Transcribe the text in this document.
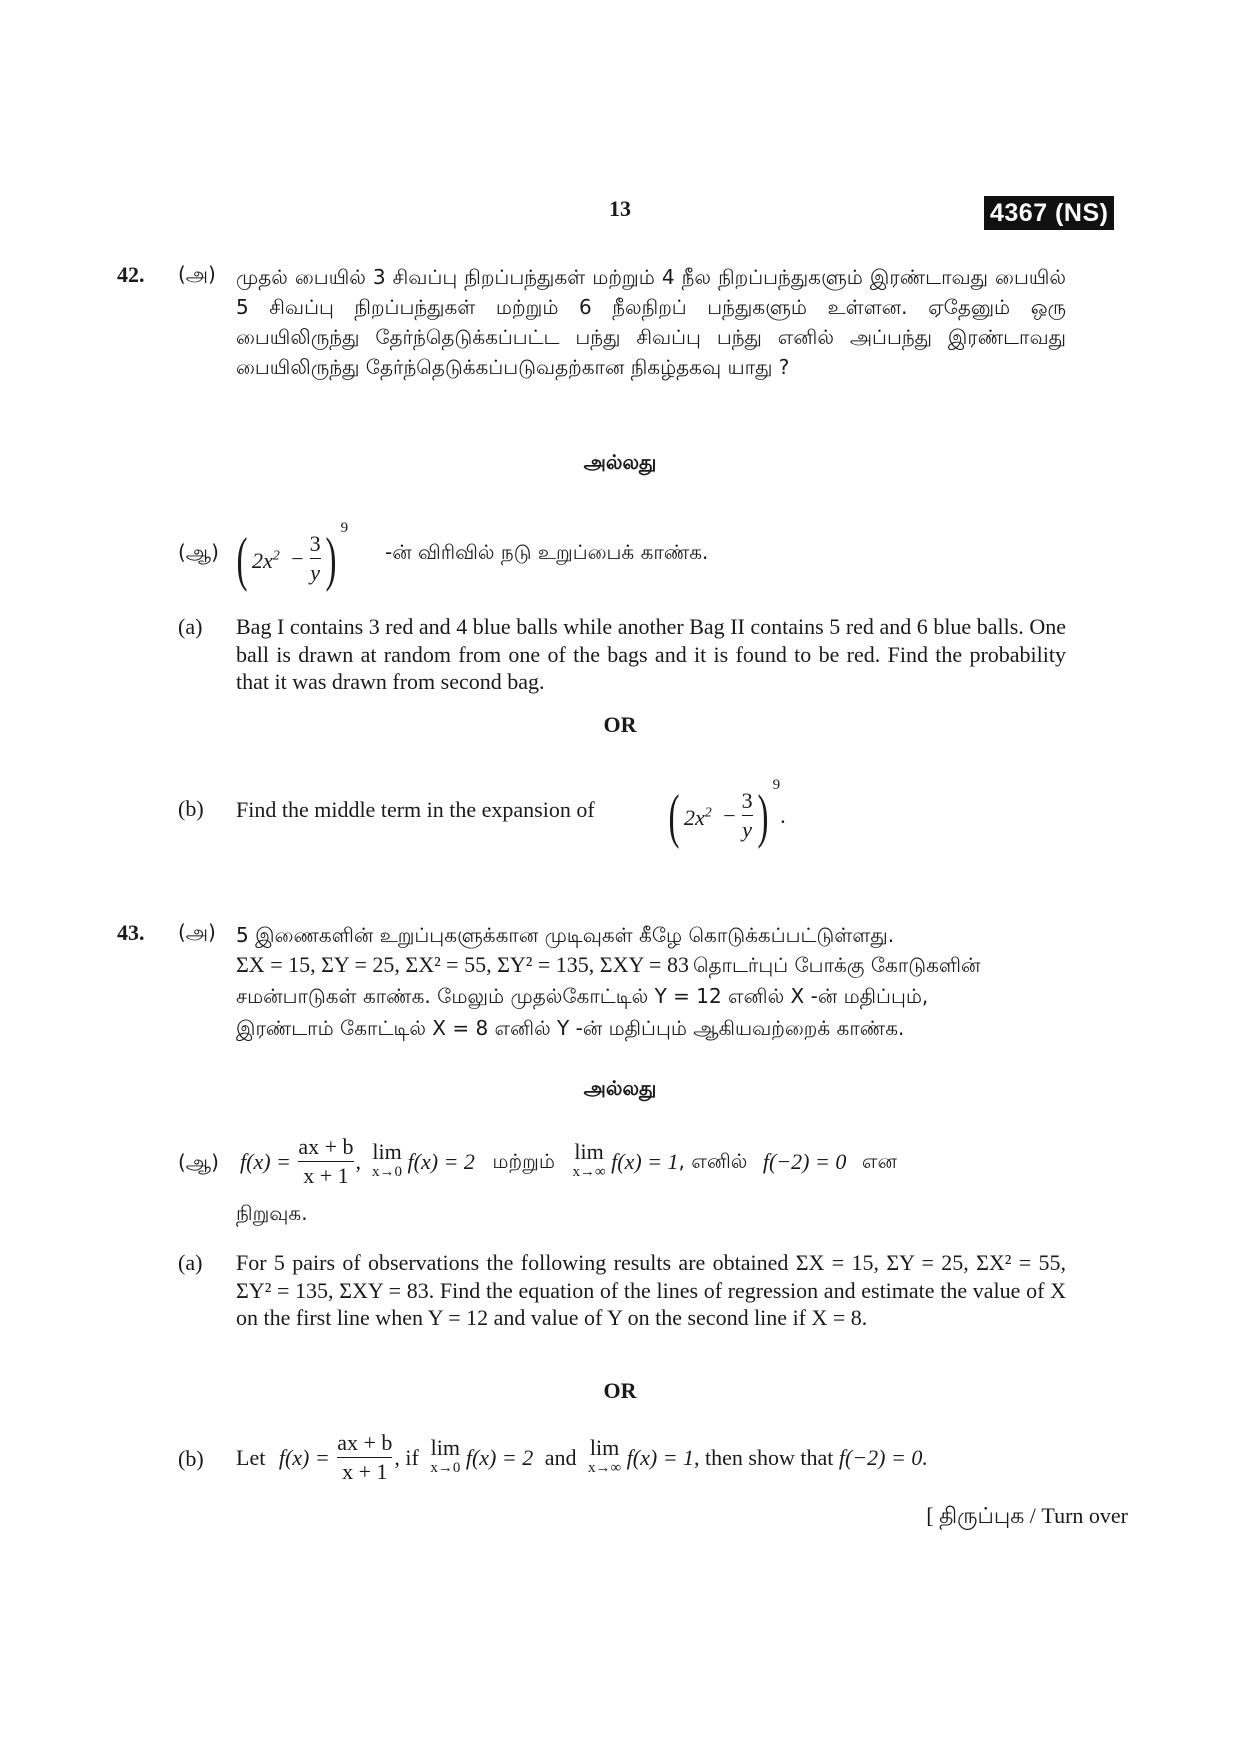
13	4367 (NS)
42. (அ) முதல் பையில் 3 சிவப்பு நிறப்பந்துகள் மற்றும் 4 நீல நிறப்பந்துகளும் இரண்டாவது பையில் 5 சிவப்பு நிறப்பந்துகள் மற்றும் 6 நீலநிறப் பந்துகளும் உள்ளன. ஏதேனும் ஒரு பையிலிருந்து தேர்ந்தெடுக்கப்பட்ட பந்து சிவப்பு பந்து எனில் அப்பந்து இரண்டாவது பையிலிருந்து தேர்ந்தெடுக்கப்படுவதற்கான நிகழ்தகவு யாது ?
அல்லது
(ஆ) ( $2x^2 - \frac{3}{y}$ ) $^9$
-ன் விரிவில் நடு உறுப்பைக் காண்க.
(a) Bag I contains 3 red and 4 blue balls while another Bag II contains 5 red and 6 blue balls. One ball is drawn at random from one of the bags and it is found to be red. Find the probability that it was drawn from second bag.
OR
(b) Find the middle term in the expansion of ( $2x^2 - \frac{3}{y}$ ) $^9$.
43. (அ) 5 இணைகளின் உறுப்புகளுக்கான முடிவுகள் கீழே கொடுக்கப்பட்டுள்ளது.
ΣX = 15, ΣY = 25, ΣX² = 55, ΣY² = 135, ΣXY = 83 தொடர்புப் போக்கு கோடுகளின்
சமன்பாடுகள் காண்க. மேலும் முதல்கோட்டில் Y = 12 எனில் X -ன் மதிப்பும்,
இரண்டாம் கோட்டில் X = 8 எனில் Y -ன் மதிப்பும் ஆகியவற்றைக் காண்க.
அல்லது
(ஆ) $f(x) = \frac{ax + b}{x + 1}$ ,  lim
x→0 f(x) = 2 மற்றும் lim
x→∞ f(x) = 1, எனில் f(−2) = 0 என
நிறுவுக.
(a) For 5 pairs of observations the following results are obtained ΣX = 15, ΣY = 25, ΣX² = 55, ΣY² = 135, ΣXY = 83. Find the equation of the lines of regression and estimate the value of X on the first line when Y = 12 and value of Y on the second line if X = 8.
OR
(b) Let $f(x) = \frac{ax + b}{x + 1}$ , if lim
x→0 f(x) = 2 and lim
x→∞ f(x) = 1, then show that f(−2) = 0.
[ திருப்புக / Turn over
